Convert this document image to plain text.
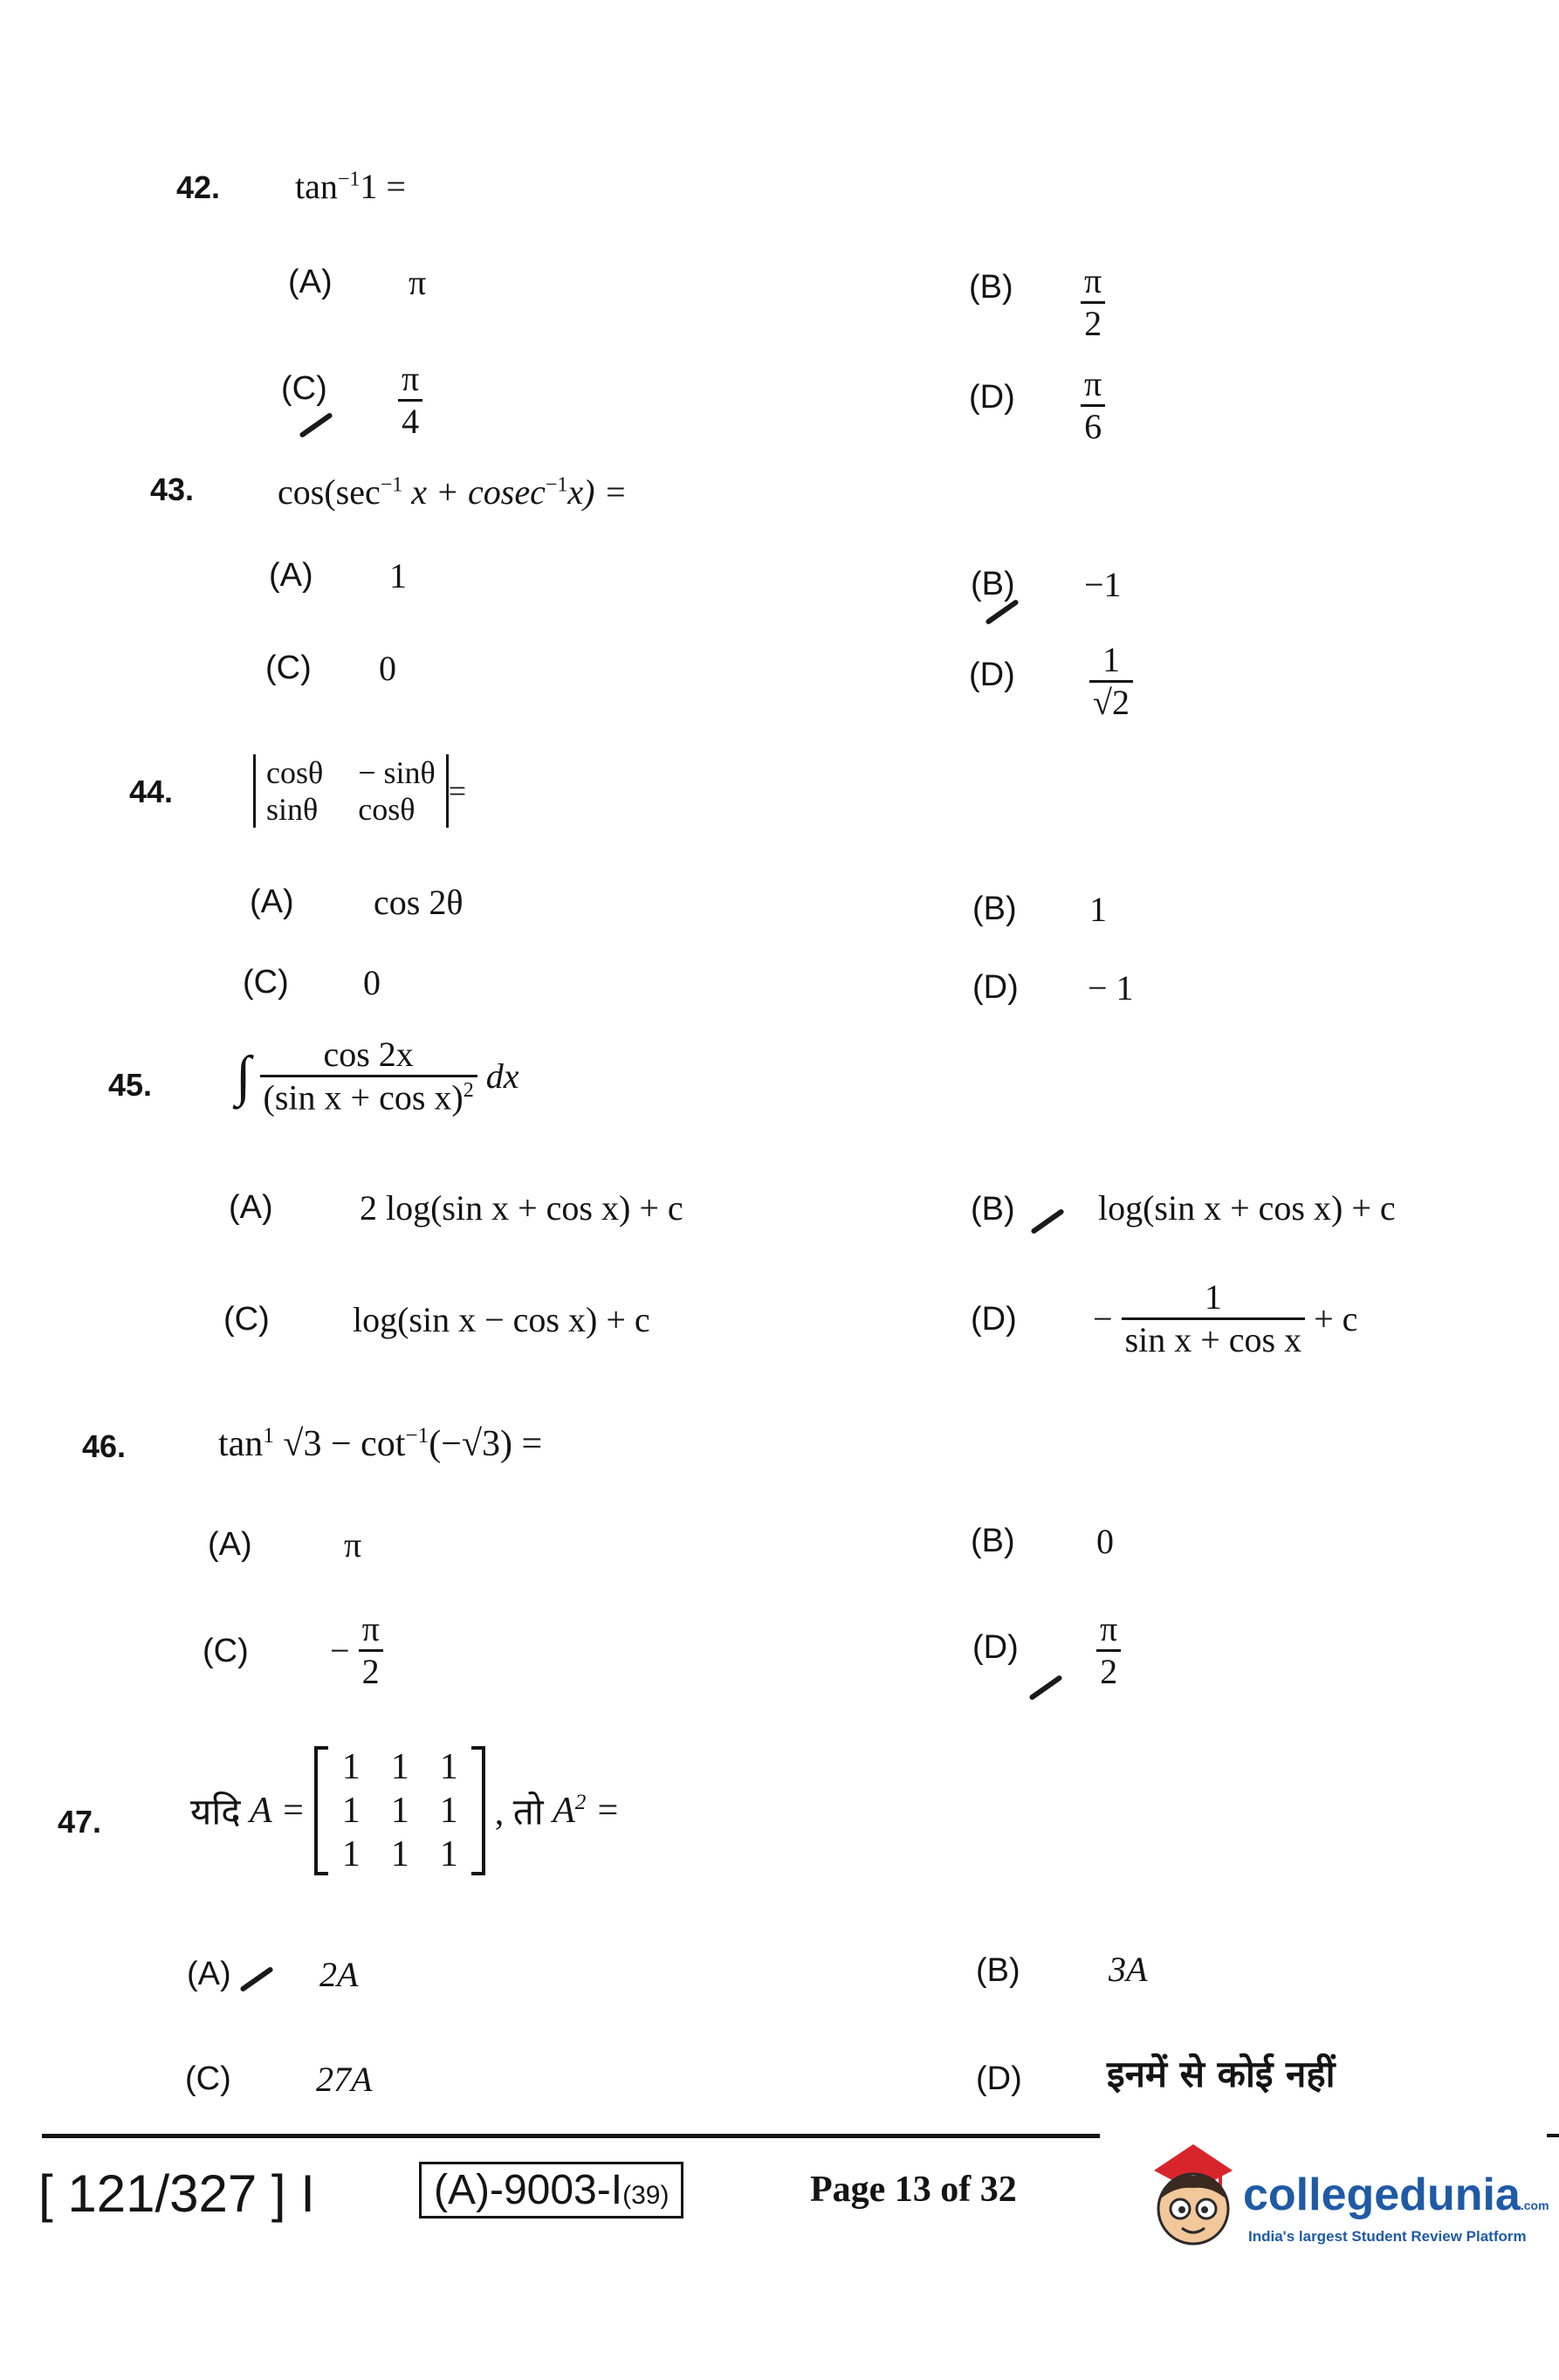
42. $\tan^{-1}1$ =
(A) π	$(B) \frac{\pi}{2}$
$(C) \frac{\pi}{4}$	$(D) \frac{\pi}{6}$
43. $\cos(\sec^{-1}$ x + cosec$^{-1}$x) =
(A) 1	(B) −1
(C) 0	$(D) \frac{1}{√2}$
44.
cosθ − sinθ
sinθ cosθ
=
(A) cos 2θ	(B) 1
(C) 0	(D) − 1
45. ∫ $\frac{\cos 2x}{(\sin x + \cos x)^2}$ dx
(A) 2 log(sin x + cos x) + c	(B) log(sin x + cos x) + c
(C) log(sin x − cos x) + c	$(D) - \frac{1}{\text{sin x + cos x}} + c$
46.	$\tan^1 √3 - \cot^{-1}(-√3)$ =
(A)	π	(B) 0
$(C) - \frac{\pi}{2}$	$(D) \frac{\pi}{2}$
47. यदि A =
1 1 1
1 1 1
1 1 1
, तो $A^2$ =
(A)	2A	(B)	3A
(C) 27A	(D) इनमें से कोई नहीं
[ 121/327 ] I	(A)-9003-I(39)	Page 13 of 32	collegedunia.com
India's largest Student Review Platform
